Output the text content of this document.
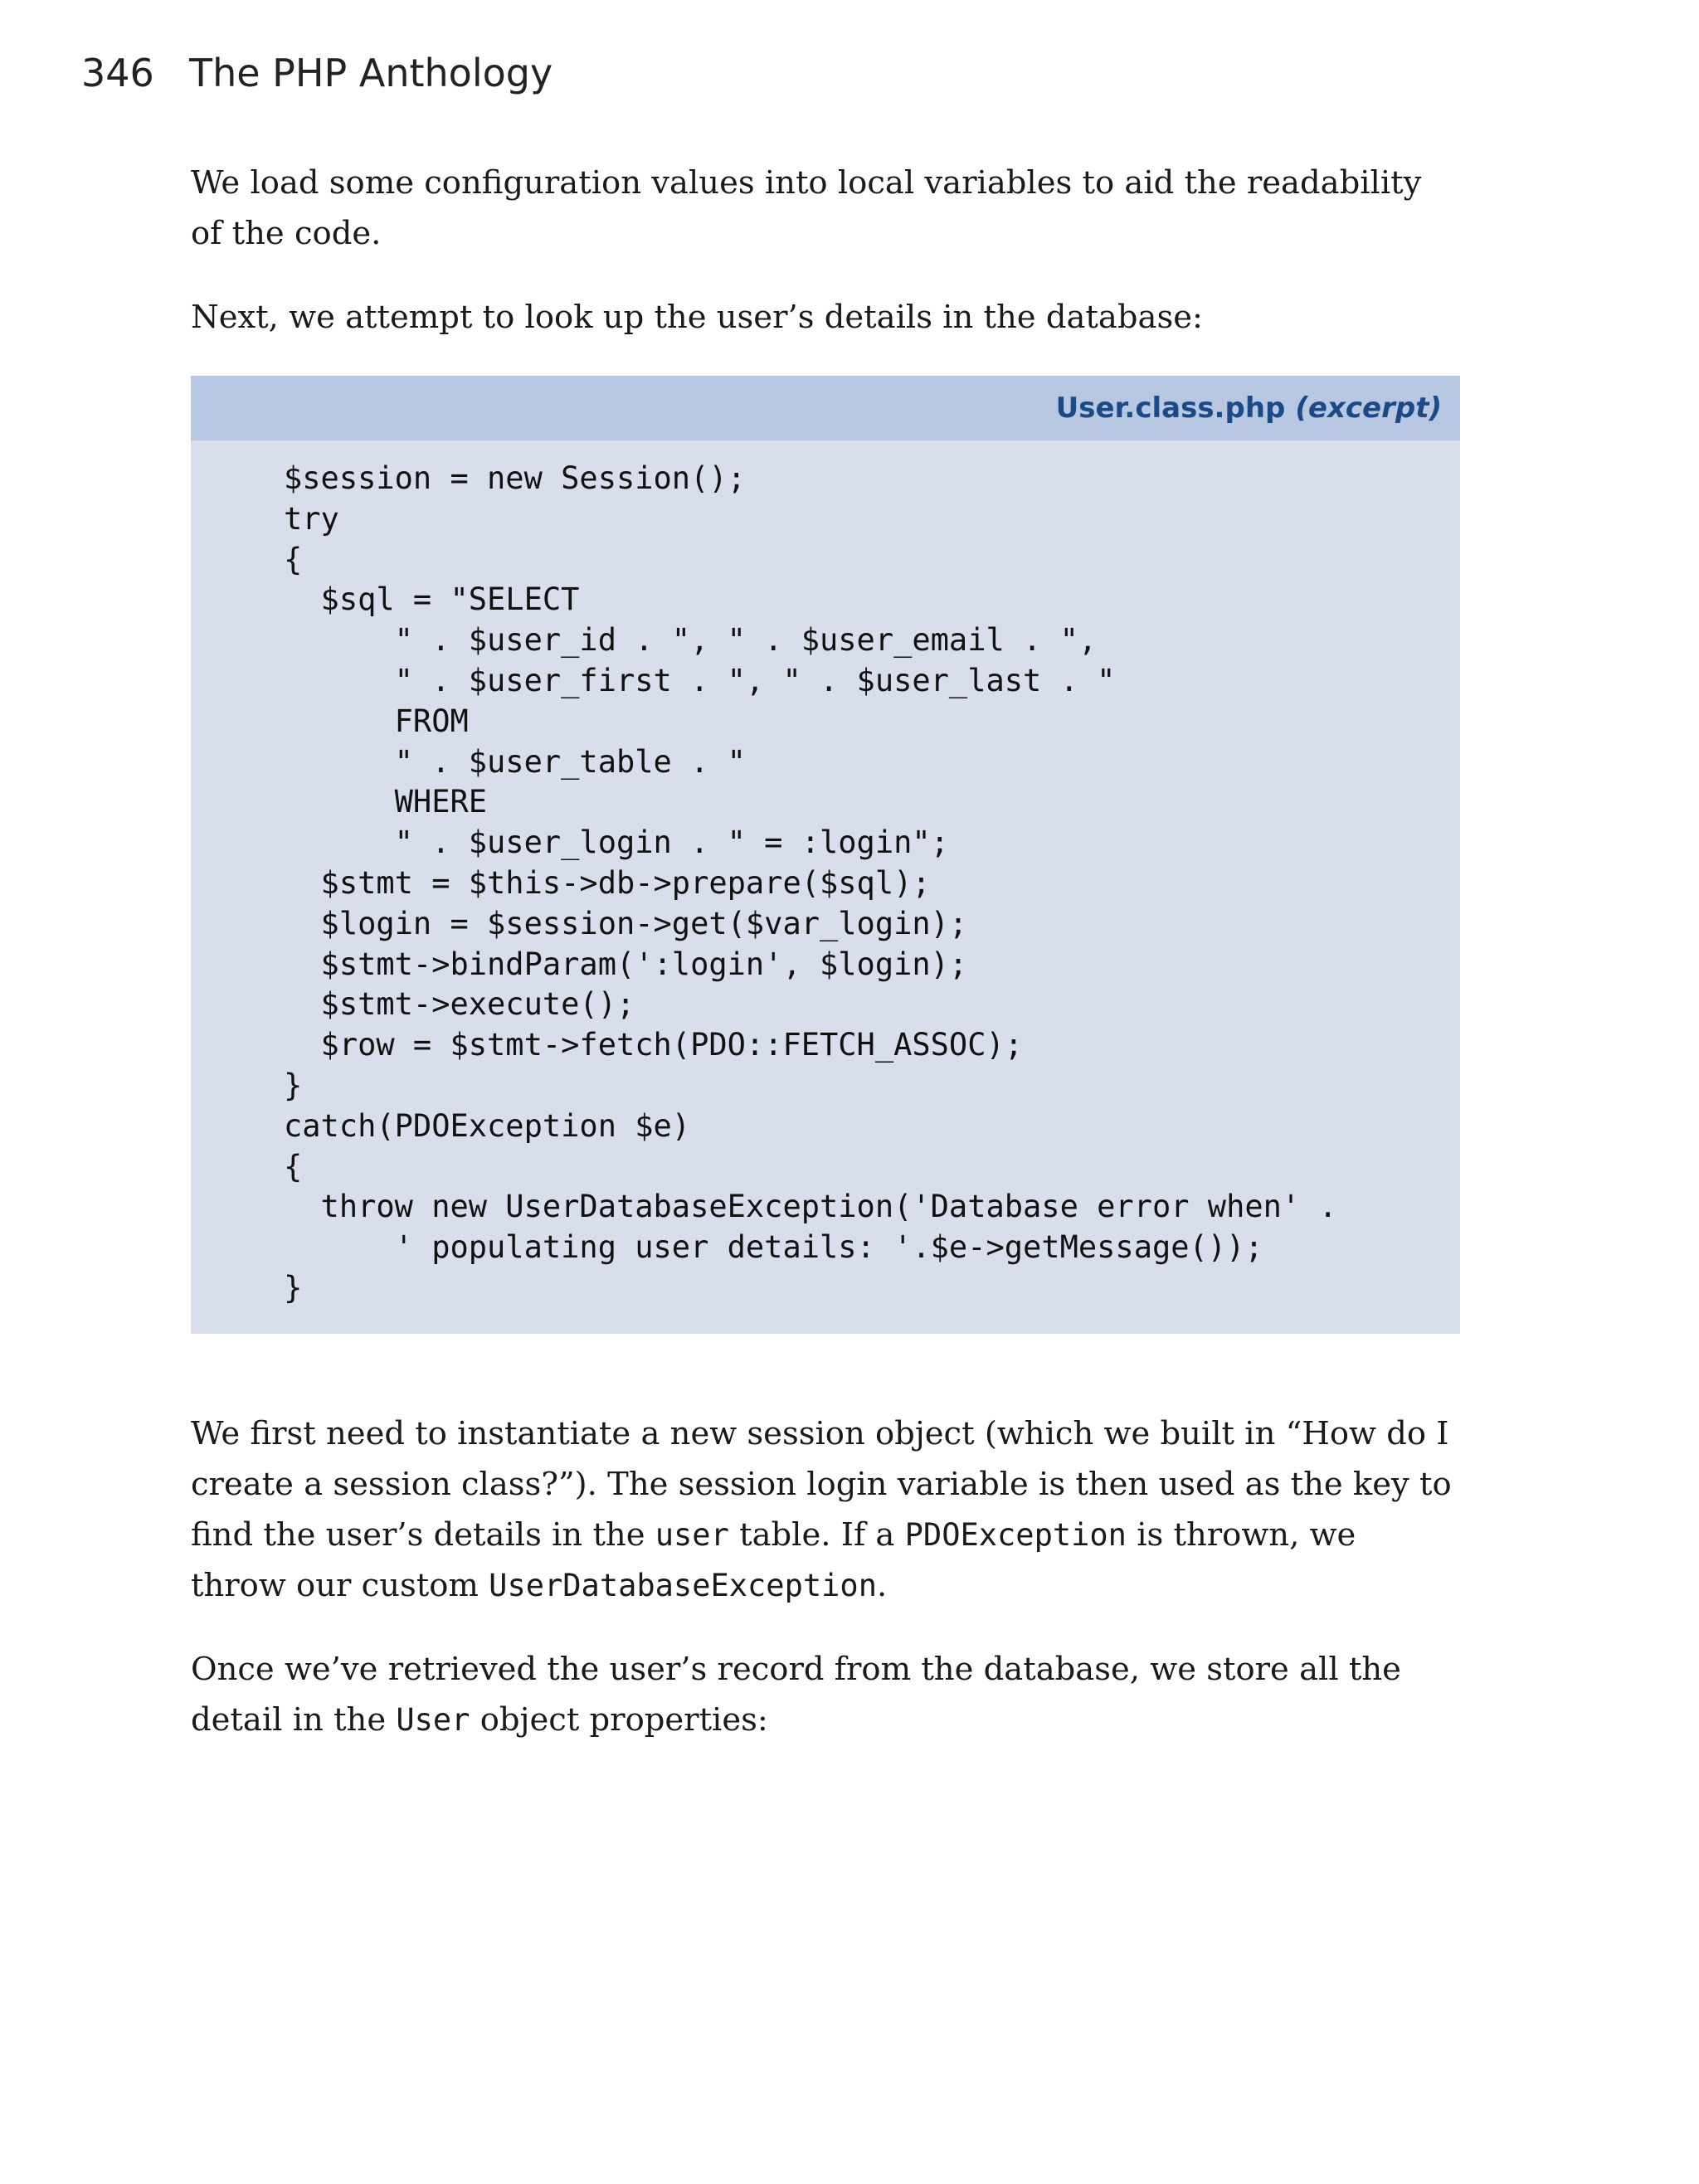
346 The PHP Anthology

We load some configuration values into local variables to aid the readability of the code.

Next, we attempt to look up the user’s details in the database:

User.class.php (excerpt)
$session = new Session();
try
{
$sql = "SELECT
" . $user_id . ", " . $user_email . ",
" . $user_first . ", " . $user_last . "
FROM
" . $user_table . "
WHERE
" . $user_login . " = :login";
$stmt = $this->db->prepare($sql);
$login = $session->get($var_login);
$stmt->bindParam(':login', $login);
$stmt->execute();
$row = $stmt->fetch(PDO::FETCH_ASSOC);
}
catch(PDOException $e)
{
throw new UserDatabaseException('Database error when' .
' populating user details: '.$e->getMessage());
}

We first need to instantiate a new session object (which we built in “How do I create a session class?”). The session login variable is then used as the key to find the user’s details in the user table. If a PDOException is thrown, we throw our custom UserDatabaseException.

Once we’ve retrieved the user’s record from the database, we store all the detail in the User object properties:
